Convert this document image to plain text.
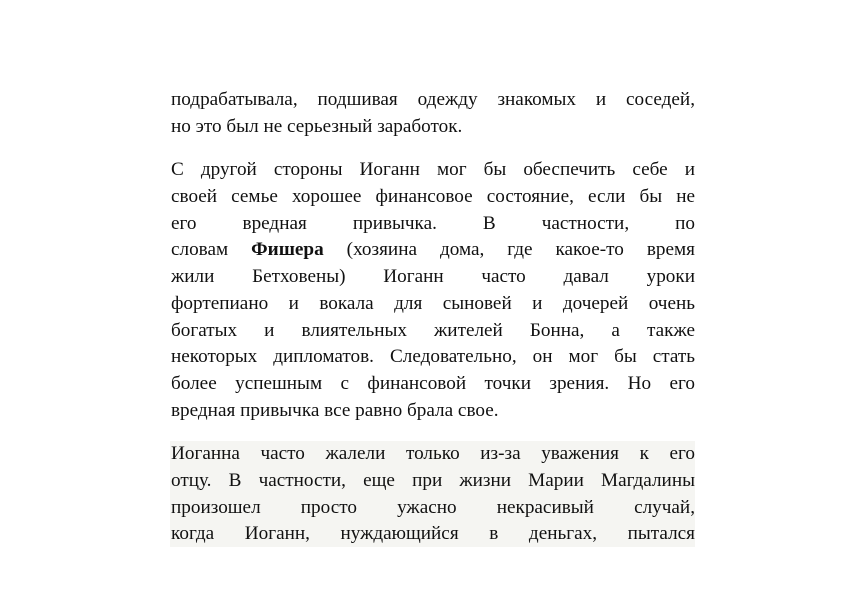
подрабатывала, подшивая одежду знакомых и соседей,
но это был не серьезный заработок.
С другой стороны Иоганн мог бы обеспечить себе и
своей семье хорошее финансовое состояние, если бы не
его вредная привычка. В частности, по
словам Фишера (хозяина дома, где какое-то время
жили Бетховены) Иоганн часто давал уроки
фортепиано и вокала для сыновей и дочерей очень
богатых и влиятельных жителей Бонна, а также
некоторых дипломатов. Следовательно, он мог бы стать
более успешным с финансовой точки зрения. Но его
вредная привычка все равно брала свое.
Иоганна часто жалели только из-за уважения к его
отцу. В частности, еще при жизни Марии Магдалины
произошел просто ужасно некрасивый случай,
когда Иоганн, нуждающийся в деньгах, пытался
